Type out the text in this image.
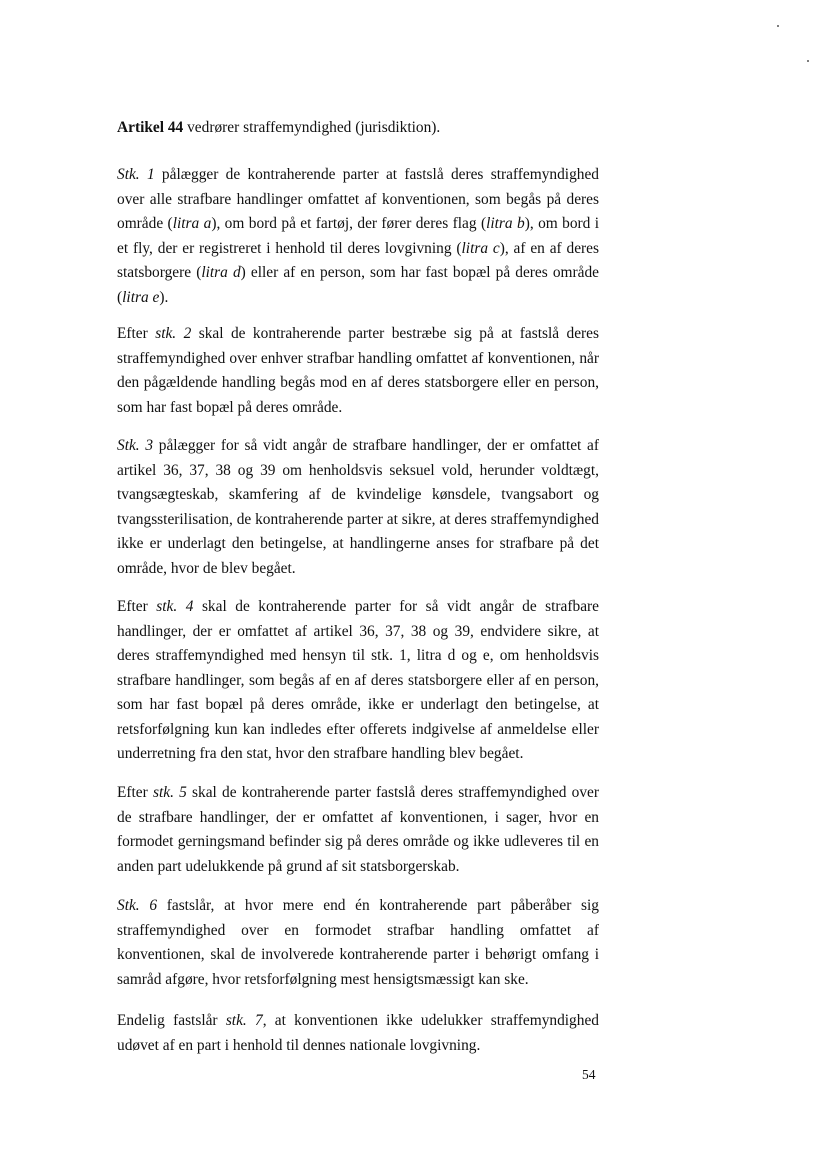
Artikel 44 vedrører straffemyndighed (jurisdiktion).

Stk. 1 pålægger de kontraherende parter at fastslå deres straffemyndighed over alle strafbare handlinger omfattet af konventionen, som begås på deres område (litra a), om bord på et fartøj, der fører deres flag (litra b), om bord i et fly, der er registreret i henhold til deres lovgivning (litra c), af en af deres statsborgere (litra d) eller af en person, som har fast bopæl på deres område (litra e).

Efter stk. 2 skal de kontraherende parter bestræbe sig på at fastslå deres straffemyndighed over enhver strafbar handling omfattet af konventionen, når den pågældende handling begås mod en af deres statsborgere eller en person, som har fast bopæl på deres område.

Stk. 3 pålægger for så vidt angår de strafbare handlinger, der er omfattet af artikel 36, 37, 38 og 39 om henholdsvis seksuel vold, herunder voldtægt, tvangsægteskab, skamfering af de kvindelige kønsdele, tvangsabort og tvangssterilisation, de kontraherende parter at sikre, at deres straffemyndighed ikke er underlagt den betingelse, at handlingerne anses for strafbare på det område, hvor de blev begået.

Efter stk. 4 skal de kontraherende parter for så vidt angår de strafbare handlinger, der er omfattet af artikel 36, 37, 38 og 39, endvidere sikre, at deres straffemyndighed med hensyn til stk. 1, litra d og e, om henholdsvis strafbare handlinger, som begås af en af deres statsborgere eller af en person, som har fast bopæl på deres område, ikke er underlagt den betingelse, at retsforfølgning kun kan indledes efter offerets indgivelse af anmeldelse eller underretning fra den stat, hvor den strafbare handling blev begået.

Efter stk. 5 skal de kontraherende parter fastslå deres straffemyndighed over de strafbare handlinger, der er omfattet af konventionen, i sager, hvor en formodet gerningsmand befinder sig på deres område og ikke udleveres til en anden part udelukkende på grund af sit statsborgerskab.

Stk. 6 fastslår, at hvor mere end én kontraherende part påberåber sig straffemyndighed over en formodet strafbar handling omfattet af konventionen, skal de involverede kontraherende parter i behørigt omfang i samråd afgøre, hvor retsforfølgning mest hensigtsmæssigt kan ske.

Endelig fastslår stk. 7, at konventionen ikke udelukker straffemyndighed udøvet af en part i henhold til dennes nationale lovgivning.

54
